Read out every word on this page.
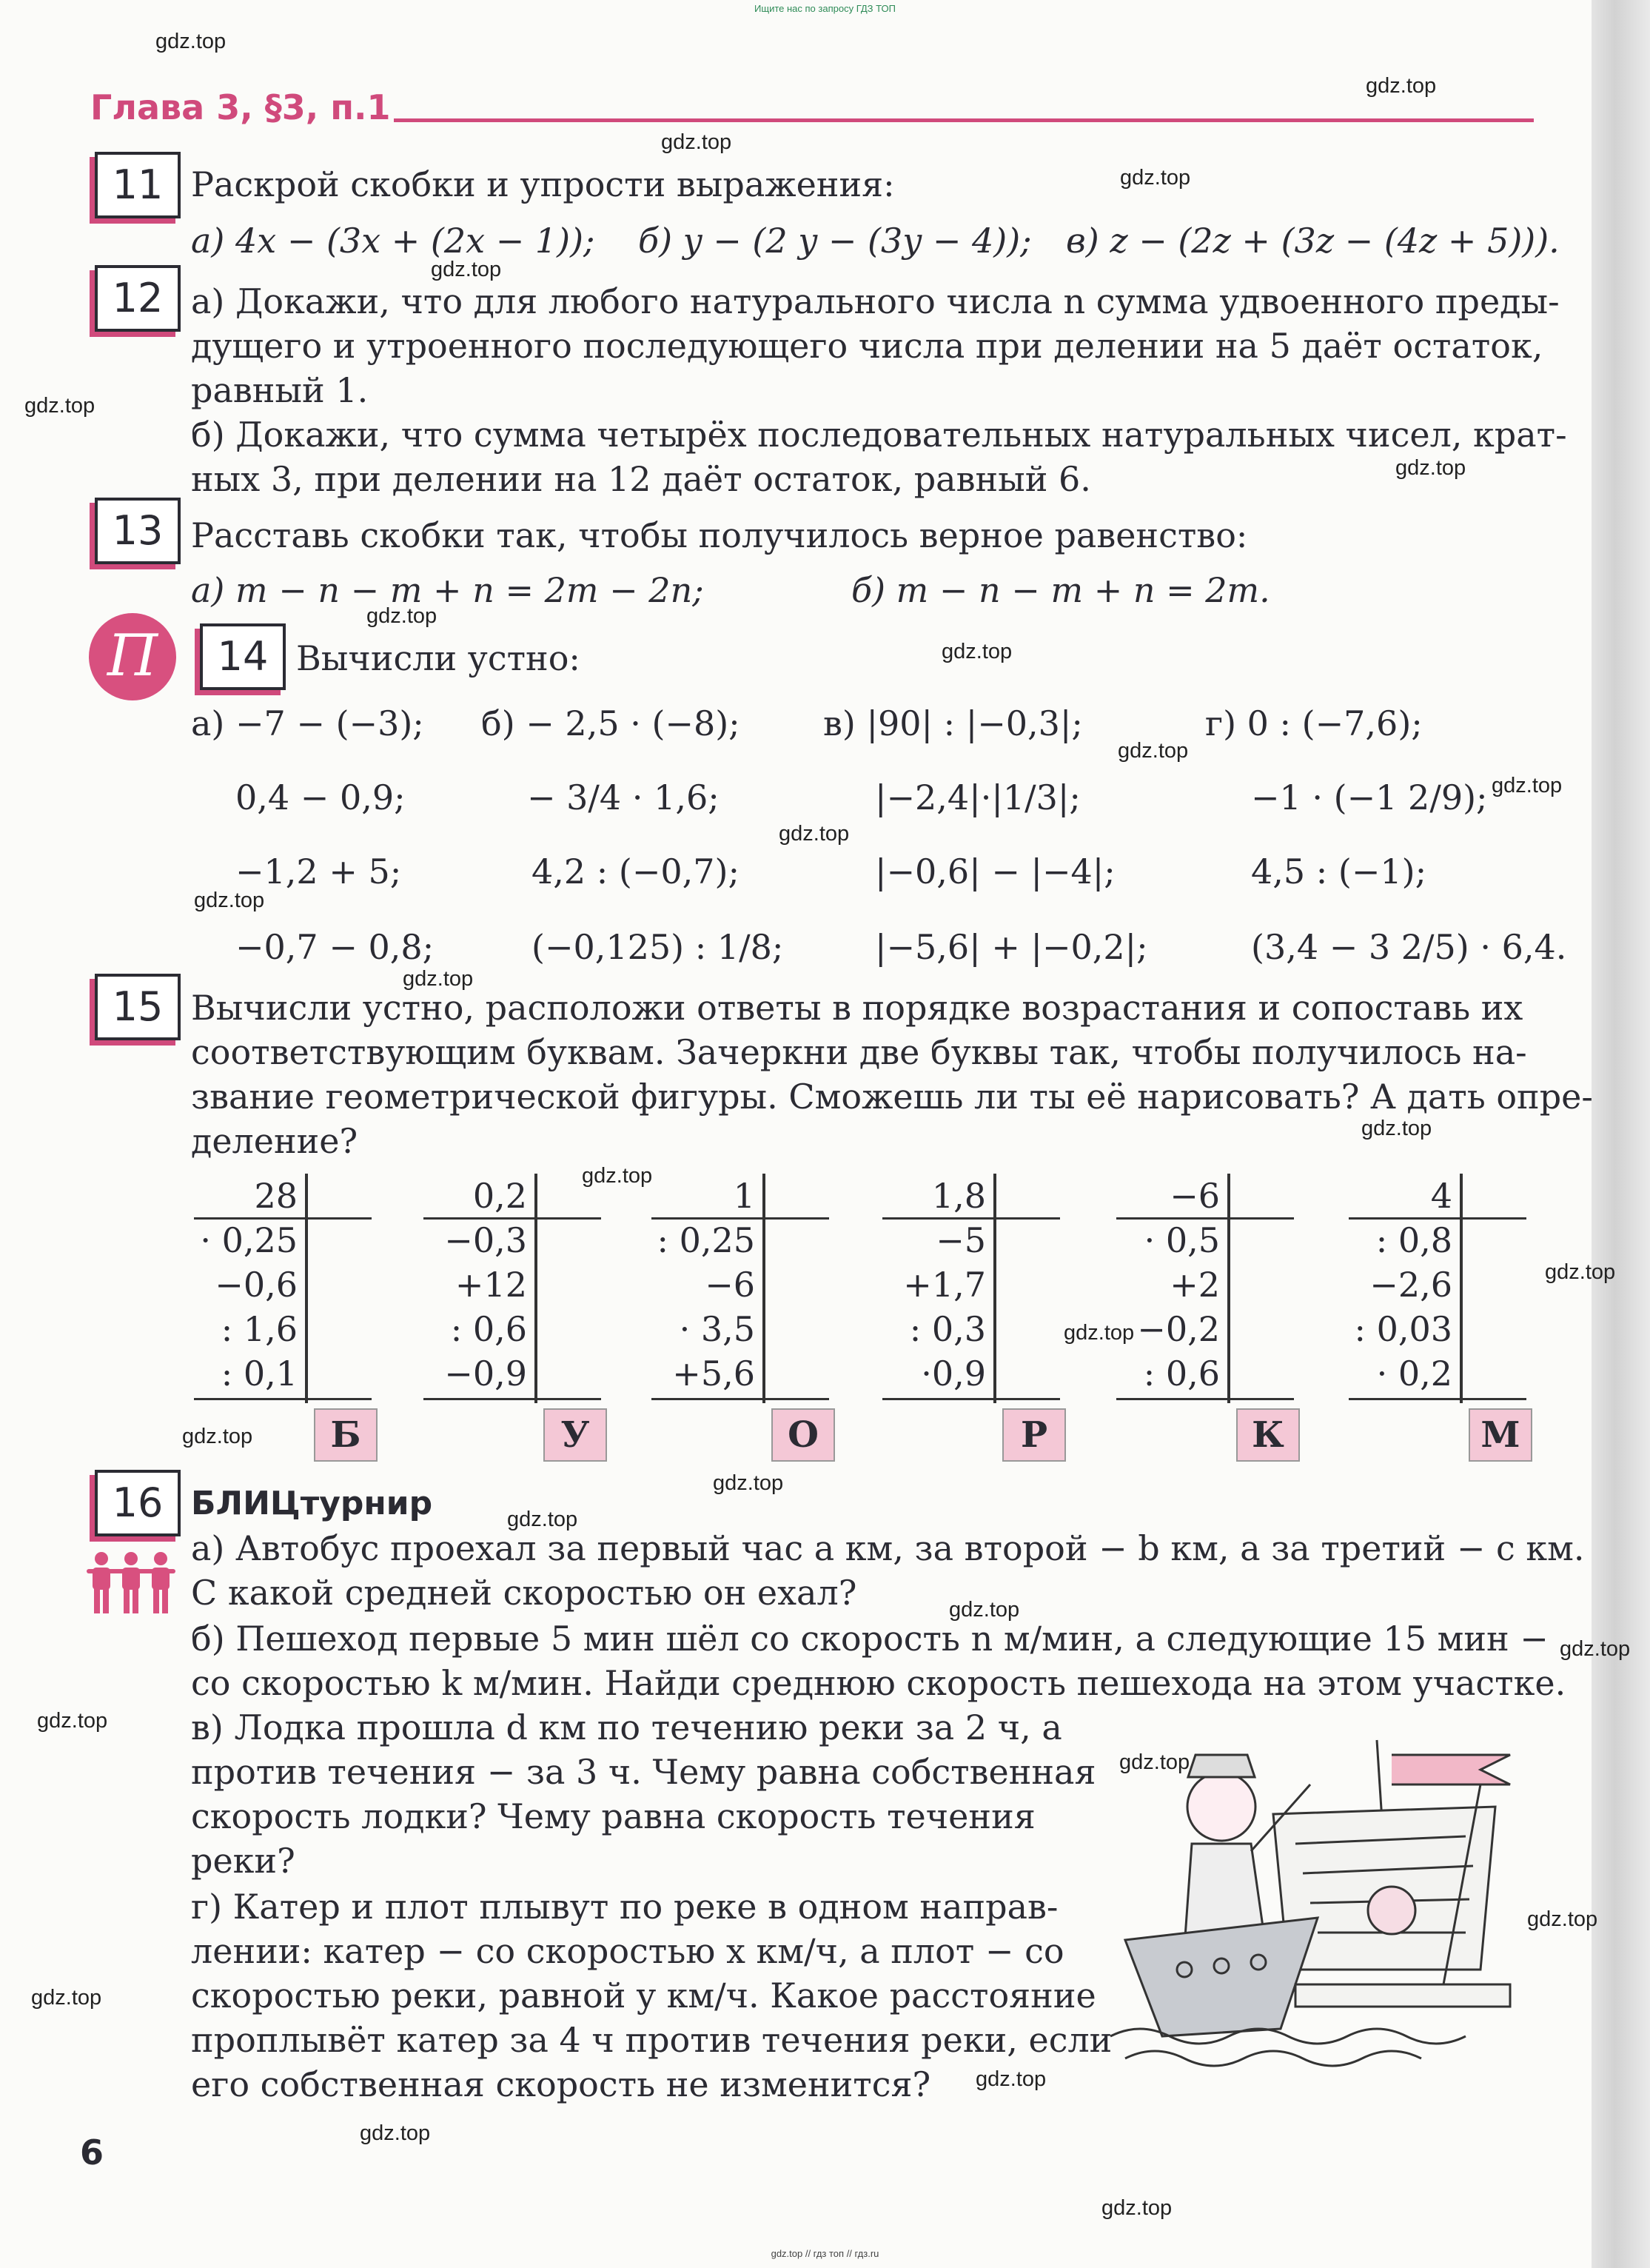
Ищите нас по запросу ГДЗ ТОП
Глава 3, §3, п.1
11 Раскрой скобки и упрости выражения:
а) 4x − (3x + (2x − 1)); б) y − (2 y − (3y − 4)); в) z − (2z + (3z − (4z + 5))).
12 а) Докажи, что для любого натурального числа n сумма удвоенного преды-
дущего и утроенного последующего числа при делении на 5 даёт остаток,
равный 1.
б) Докажи, что сумма четырёх последовательных натуральных чисел, крат-
ных 3, при делении на 12 даёт остаток, равный 6.
13 Расставь скобки так, чтобы получилось верное равенство:
а) m − n − m + n = 2m − 2n;	б) m − n − m + n = 2m.
П	14 Вычисли устно:
а) −7 − (−3); б) − 2,5 · (−8); в) |90| : |−0,3|;	г) 0 : (−7,6);
0,4 − 0,9;	− 3/4 · 1,6;	|−2,4|·|1/3|;	−1 · (−1 2/9);
−1,2 + 5;	4,2 : (−0,7);	|−0,6| − |−4|;	4,5 : (−1);
−0,7 − 0,8;	(−0,125) : 1/8;	|−5,6| + |−0,2|;	(3,4 − 3 2/5) · 6,4.
15 Вычисли устно, расположи ответы в порядке возрастания и сопоставь их
соответствующим буквам. Зачеркни две буквы так, чтобы получилось на-
звание геометрической фигуры. Сможешь ли ты её нарисовать? А дать опре-
деление?
28
· 0,25
−0,6
: 1,6
: 0,1
Б
0,2
−0,3
+12
: 0,6
−0,9
У
1
: 0,25
−6
· 3,5
+5,6
О
1,8
−5
+1,7
: 0,3
·0,9
Р
−6
· 0,5
+2
−0,2
: 0,6
К
4
: 0,8
−2,6
: 0,03
· 0,2
М
16 БЛИЦтурнир
а) Автобус проехал за первый час a км, за второй − b км, а за третий − c км.
С какой средней скоростью он ехал?
б) Пешеход первые 5 мин шёл со скорость n м/мин, а следующие 15 мин −
со скоростью k м/мин. Найди среднюю скорость пешехода на этом участке.
в) Лодка прошла d км по течению реки за 2 ч, а
против течения − за 3 ч. Чему равна собственная
скорость лодки? Чему равна скорость течения
реки?
г) Катер и плот плывут по реке в одном направ-
лении: катер − со скоростью x км/ч, а плот − со
скоростью реки, равной y км/ч. Какое расстояние
проплывёт катер за 4 ч против течения реки, если
его собственная скорость не изменится?
6
gdz.top // гдз топ // гдз.ru
gdz.top
gdz.top
gdz.top
gdz.top
gdz.top
gdz.top
gdz.top
gdz.top
gdz.top
gdz.top
gdz.top
gdz.top
gdz.top
gdz.top
gdz.top
gdz.top
gdz.top
gdz.top
gdz.top
gdz.top
gdz.top
gdz.top
gdz.top
gdz.top
gdz.top
gdz.top
gdz.top
gdz.top
gdz.top
gdz.top
